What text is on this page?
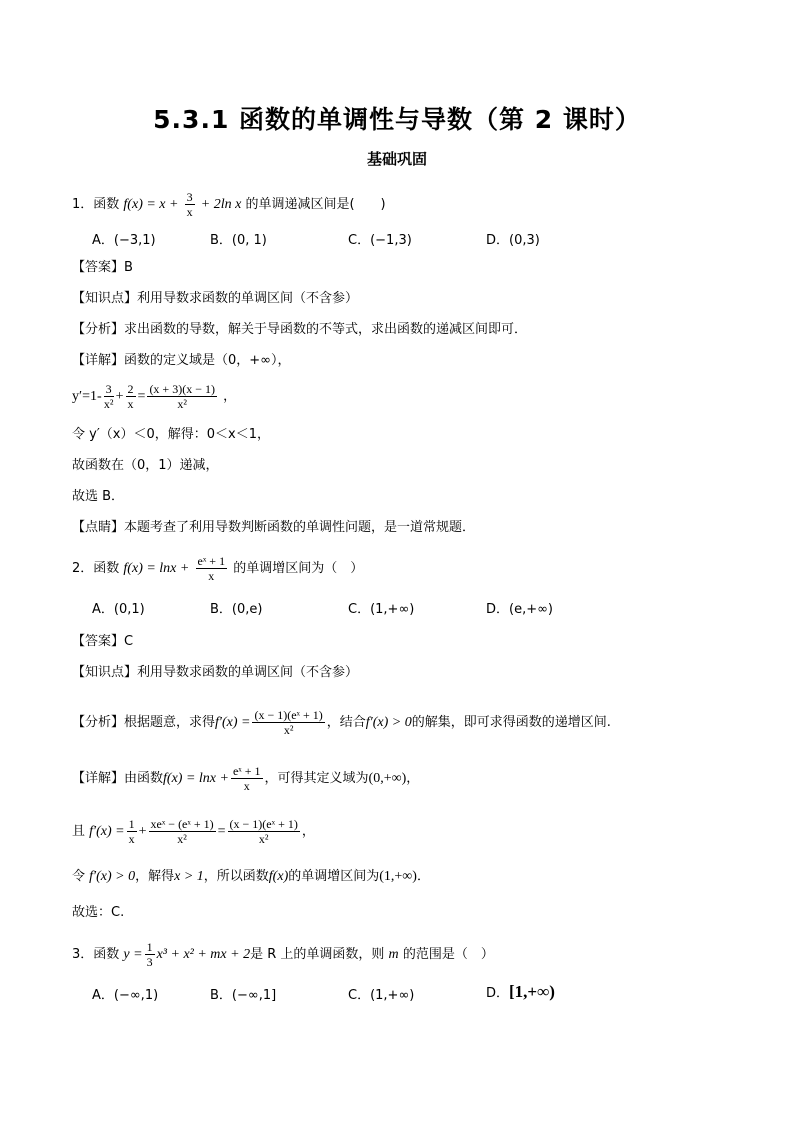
5.3.1 函数的单调性与导数（第 2 课时）
基础巩固
1．函数 $f(x) = x + \frac{3}{x} + 2\ln$ x 的单调递减区间是(　　)
A．(−3,1)	B．(0, 1)	C．(−1,3)	D．(0,3)
【答案】B
【知识点】利用导数求函数的单调区间（不含参）
【分析】求出函数的导数，解关于导函数的不等式，求出函数的递减区间即可．
【详解】函数的定义域是（0，+∞），
$y'=1- \frac{3}{\text{x²}} + \frac{2}{x} = \frac{(x + 3)(x - 1)}{\text{x²}}$ ，
令 y′（x）＜0，解得：0＜x＜1，
故函数在（0，1）递减，
故选 B．
【点睛】本题考查了利用导数判断函数的单调性问题，是一道常规题．
2．函数 $f(x) = \ln x + \frac{\text{eˣ + 1}}{x}$ 的单调增区间为（　）
A．(0,1)	B．(0,e)	C．(1,+∞)	D．(e,+∞)
【答案】C
【知识点】利用导数求函数的单调区间（不含参）
【分析】根据题意，求得$f'(x) = \frac{\text{(x − 1)(eˣ + 1)}}{\text{x²}}$ ，结合f′(x) > 0的解集，即可求得函数的递增区间.
【详解】由函数$f(x) = \ln x + \frac{\text{eˣ + 1}}{x}$ ，可得其定义域为(0,+∞)，
且 $f'(x) = \frac{1}{x} + \frac{\text{xeˣ − (eˣ + 1)}}{\text{x²}} = \frac{\text{(x − 1)(eˣ + 1)}}{\text{x²}}$ ，
令 f′(x) > 0，解得x > 1，所以函数f(x)的单调增区间为(1,+∞)．
故选：C.
3．函数 $y = \frac{1}{3} x^3 + x^2$ + mx + 2是 R 上的单调函数，则 m 的范围是（　）
A．(−∞,1)	B．(−∞,1]	C．(1,+∞)	D．[1,+∞)
